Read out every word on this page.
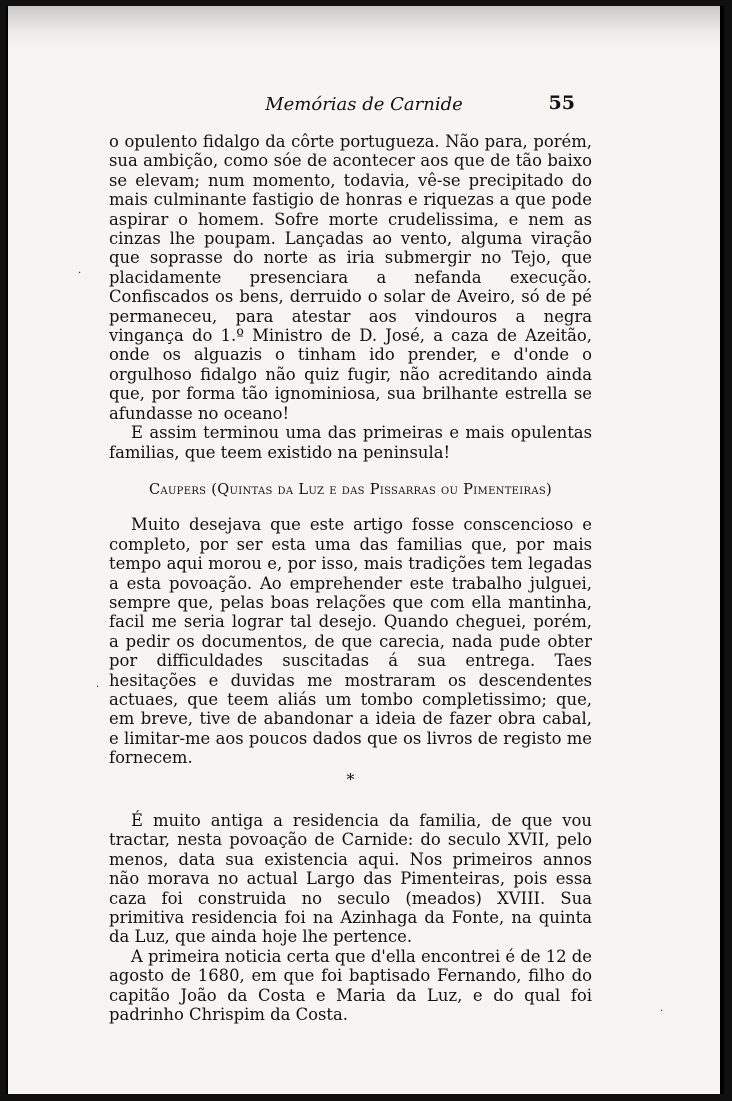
Memórias de Carnide	55

o opulento fidalgo da côrte portugueza. Não para, porém, sua ambição, como sóe de acontecer aos que de tão baixo se elevam; num momento, todavia, vê-se precipitado do mais culminante fastigio de honras e riquezas a que pode aspirar o homem. Sofre morte crudelissima, e nem as cinzas lhe poupam. Lançadas ao vento, alguma viração que soprasse do norte as iria submergir no Tejo, que placidamente presenciara a nefanda execução. Confiscados os bens, derruido o solar de Aveiro, só de pé permaneceu, para atestar aos vindouros a negra vingança do 1.º Ministro de D. José, a caza de Azeitão, onde os alguazis o tinham ido prender, e d'onde o orgulhoso fidalgo não quiz fugir, não acreditando ainda que, por forma tão ignominiosa, sua brilhante estrella se afundasse no oceano!

E assim terminou uma das primeiras e mais opulentas familias, que teem existido na peninsula!

Caupers (Quintas da Luz e das Pissarras ou Pimenteiras)

Muito desejava que este artigo fosse conscencioso e completo, por ser esta uma das familias que, por mais tempo aqui morou e, por isso, mais tradições tem legadas a esta povoação. Ao emprehender este trabalho julguei, sempre que, pelas boas relações que com ella mantinha, facil me seria lograr tal desejo. Quando cheguei, porém, a pedir os documentos, de que carecia, nada pude obter por difficuldades suscitadas á sua entrega. Taes hesitações e duvidas me mostraram os descendentes actuaes, que teem aliás um tombo completissimo; que, em breve, tive de abandonar a ideia de fazer obra cabal, e limitar-me aos poucos dados que os livros de registo me fornecem.

*

É muito antiga a residencia da familia, de que vou tractar, nesta povoação de Carnide: do seculo XVII, pelo menos, data sua existencia aqui. Nos primeiros annos não morava no actual Largo das Pimenteiras, pois essa caza foi construida no seculo (meados) XVIII. Sua primitiva residencia foi na Azinhaga da Fonte, na quinta da Luz, que ainda hoje lhe pertence.

A primeira noticia certa que d'ella encontrei é de 12 de agosto de 1680, em que foi baptisado Fernando, filho do capitão João da Costa e Maria da Luz, e do qual foi padrinho Chrispim da Costa.

·
·
·
